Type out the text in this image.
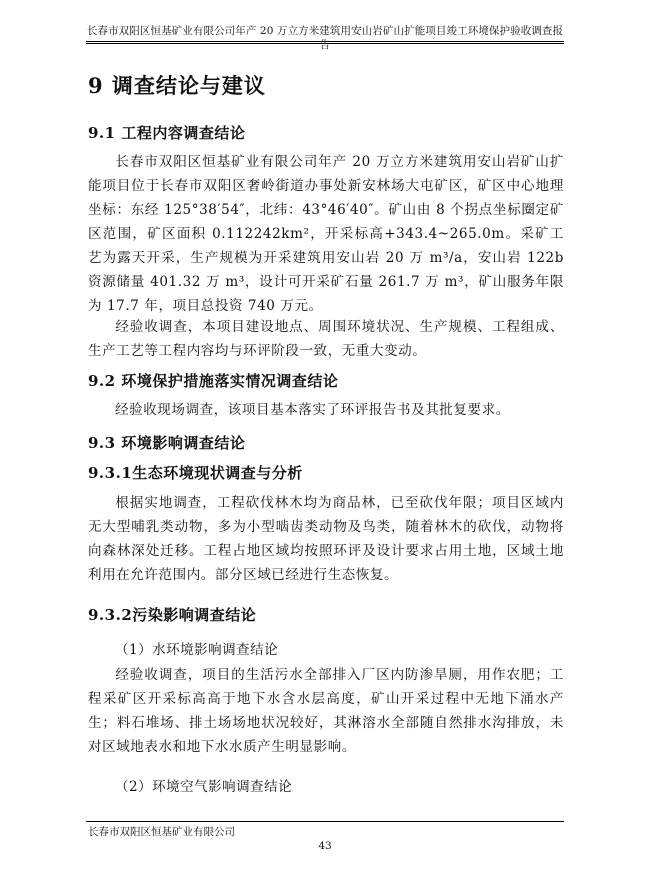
长春市双阳区恒基矿业有限公司年产 20 万立方米建筑用安山岩矿山扩能项目竣工环境保护验收调查报告
9 调查结论与建议
9.1 工程内容调查结论
长春市双阳区恒基矿业有限公司年产 20 万立方米建筑用安山岩矿山扩能项目位于长春市双阳区奢岭街道办事处新安林场大屯矿区，矿区中心地理坐标：东经 125°38′54″，北纬：43°46′40″。矿山由 8 个拐点坐标圈定矿区范围，矿区面积 0.112242km²，开采标高+343.4~265.0m。采矿工艺为露天开采，生产规模为开采建筑用安山岩 20 万 m³/a，安山岩 122b 资源储量 401.32 万 m³，设计可开采矿石量 261.7 万 m³，矿山服务年限为 17.7 年，项目总投资 740 万元。
经验收调查，本项目建设地点、周围环境状况、生产规模、工程组成、生产工艺等工程内容均与环评阶段一致，无重大变动。
9.2 环境保护措施落实情况调查结论
经验收现场调查，该项目基本落实了环评报告书及其批复要求。
9.3 环境影响调查结论
9.3.1生态环境现状调查与分析
根据实地调查，工程砍伐林木均为商品林，已至砍伐年限；项目区域内无大型哺乳类动物，多为小型啮齿类动物及鸟类，随着林木的砍伐，动物将向森林深处迁移。工程占地区域均按照环评及设计要求占用土地，区域土地利用在允许范围内。部分区域已经进行生态恢复。
9.3.2污染影响调查结论
（1）水环境影响调查结论
经验收调查，项目的生活污水全部排入厂区内防渗旱厕，用作农肥；工程采矿区开采标高高于地下水含水层高度，矿山开采过程中无地下涌水产生；料石堆场、排土场场地状况较好，其淋溶水全部随自然排水沟排放，未对区域地表水和地下水水质产生明显影响。
（2）环境空气影响调查结论
长春市双阳区恒基矿业有限公司
43
